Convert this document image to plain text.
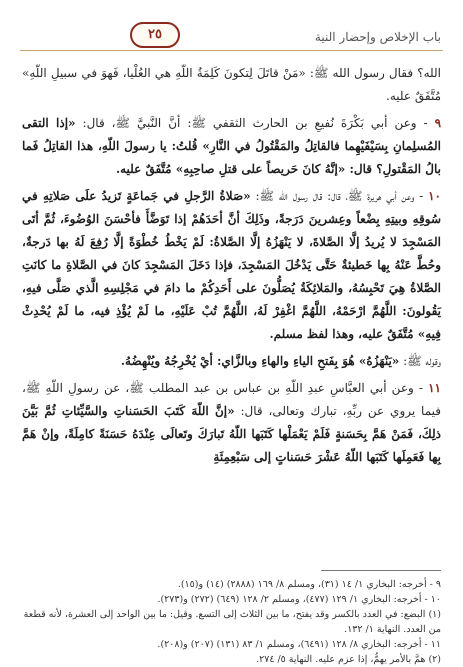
باب الإخلاص وإحضار النية
٢٥

الله؟ فقال رسول الله ﷺ: «مَنْ قاتَلَ لِتكونَ كَلِمَةُ اللّهِ هي العُلْيا، فَهوَ في سبيلِ اللّهِ» مُتَّفَقٌ عليه.

٩ - وعن أبي بَكْرَةَ نُفيعِ بن الحارث الثقفي ﷺ: أنَّ النَّبيَّ ﷺ، قال: «إذا التقى المُسلِمانِ بِسَيْفَيْهِما فالقاتِلُ والمَقْتُولُ في النَّارِ» قُلتُ: يا رسولَ اللّهِ، هذا القاتِلُ فَما بالُ المَقْتولِ؟ قال: «إنَّهُ كانَ حَريصاً على قتلِ صاحِبِهِ» مُتَّفَقٌ عليه.

١٠ - وعن أبي هريرة ﷺ، قال: قال رسول اللّه ﷺ: «صَلاةُ الرَّجلِ في جَماعَةٍ تَزيدُ علَى صَلاتِهِ في سُوقِهِ وبيتِهِ بِضْعاً وعِشرينَ دَرَجةً، وذَلِكَ أنَّ أحَدَهُمْ إذا تَوَضَّأَ فأحْسَنَ الوُضُوءَ، ثُمَّ أتَى المَسْجِدَ لا يُريدُ إلَّا الصَّلاةَ، لا يَنْهَزُهُ إلَّا الصَّلاةُ: لَمْ يَخْطُ خُطْوَةً إلَّا رُفِعَ لَهُ بها دَرجةٌ، وحُطَّ عَنْهُ بِها خَطيئةٌ حَتَّى يَدْخُلَ المَسْجِدَ، فإذا دَخَلَ المَسْجِدَ كانَ في الصَّلاةِ ما كانَتِ الصَّلاةُ هِيَ تَحْبِسُهُ، والمَلائِكَةُ يُصَلُّونَ على أَحَدِكُمْ ما دامَ في مَجْلِسِهِ الَّذي صَلَّى فيهِ، يَقُولونَ: اللَّهُمَّ ارْحَمْهُ، اللَّهُمَّ اغْفِرْ لَهُ، اللَّهُمَّ تُبْ عَلَيْهِ، ما لَمْ يُؤْذِ فيه، ما لَمْ يُحْدِثْ فِيهِ» مُتَّفَقٌ عليه، وهذا لفظ مسلم.

وقوله ﷺ: «يَنْهَزُهُ» هُوَ بِفَتحِ الياءِ والهاءِ وبالزَّاي: أيْ يُخْرِجُهُ ويُنْهِضُهُ.

١١ - وعن أبي العبَّاسِ عبدِ اللّهِ بن عباس بن عبد المطلب ﷺ، عن رسولِ اللّهِ ﷺ، فيما يروي عن ربِّهِ، تبارك وتعالى، قال: «إنَّ اللّهَ كَتَبَ الحَسَناتِ والسَّيِّئاتِ ثُمَّ بَيَّنَ ذلِكَ، فَمَنْ هَمَّ بِحَسَنةٍ فَلَمْ يَعْمَلْها كَتَبَها اللّهُ تَبارَكَ وتَعالَى عِنْدَهُ حَسَنَةً كامِلَةً، وإنْ هَمَّ بِها فَعَمِلَها كَتَبَها اللّهُ عَشْرَ حَسَناتٍ إلى سَبْعِمِئَةِ

٩ - أخرجه: البخاري ١/ ١٤ (٣١)، ومسلم ٨/ ١٦٩ (٢٨٨٨) (١٤) و(١٥).

١٠ - أخرجه: البخاري ١/ ١٢٩ (٤٧٧)، ومسلم ٢/ ١٢٨ (٦٤٩) (٢٧٢) و(٢٧٣).

(١) البضع: في العدد بالكسر وقد يفتح، ما بين الثلاث إلى التسع. وقيل: ما بين الواحد إلى العشرة، لأنه قطعة من العدد. النهاية ١/ ١٣٢.

١١ - أخرجه: البخاري ٨/ ١٢٨ (٦٤٩١)، ومسلم ١/ ٨٣ (١٣١) (٢٠٧) و(٢٠٨).

(٢) همَّ بالأمر يهمُّ، إذا عزم عليه. النهاية ٥/ ٢٧٤.
